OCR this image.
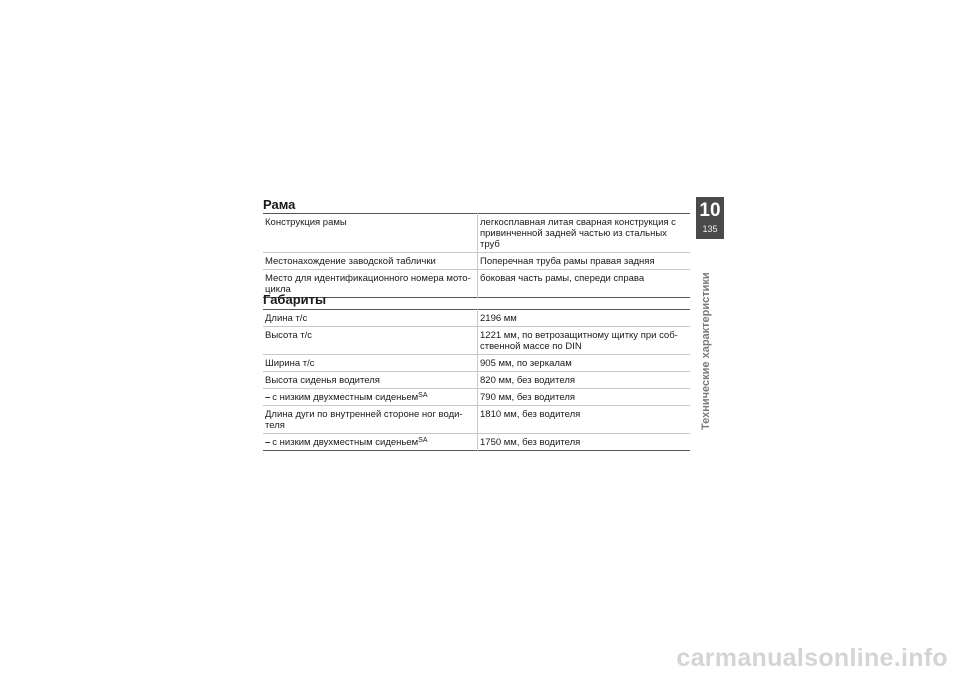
Рама
Конструкция рамы	легкосплавная литая сварная конструкция с привинченной задней частью из стальных труб
Местонахождение заводской таблички	Поперечная труба рамы правая задняя
Место для идентификационного номера мото-цикла	боковая часть рамы, спереди справа
Габариты
Длина т/с	2196 мм
Высота т/с	1221 мм, по ветрозащитному щитку при соб-ственной массе по DIN
Ширина т/с	905 мм, по зеркалам
Высота сиденья водителя	820 мм, без водителя
– с низким двухместным сиденьем$^{SA}$	790 мм, без водителя
Длина дуги по внутренней стороне ног води-теля	1810 мм, без водителя
– с низким двухместным сиденьем$^{SA}$	1750 мм, без водителя
10
135
Технические характеристики
carmanualsonline.info
